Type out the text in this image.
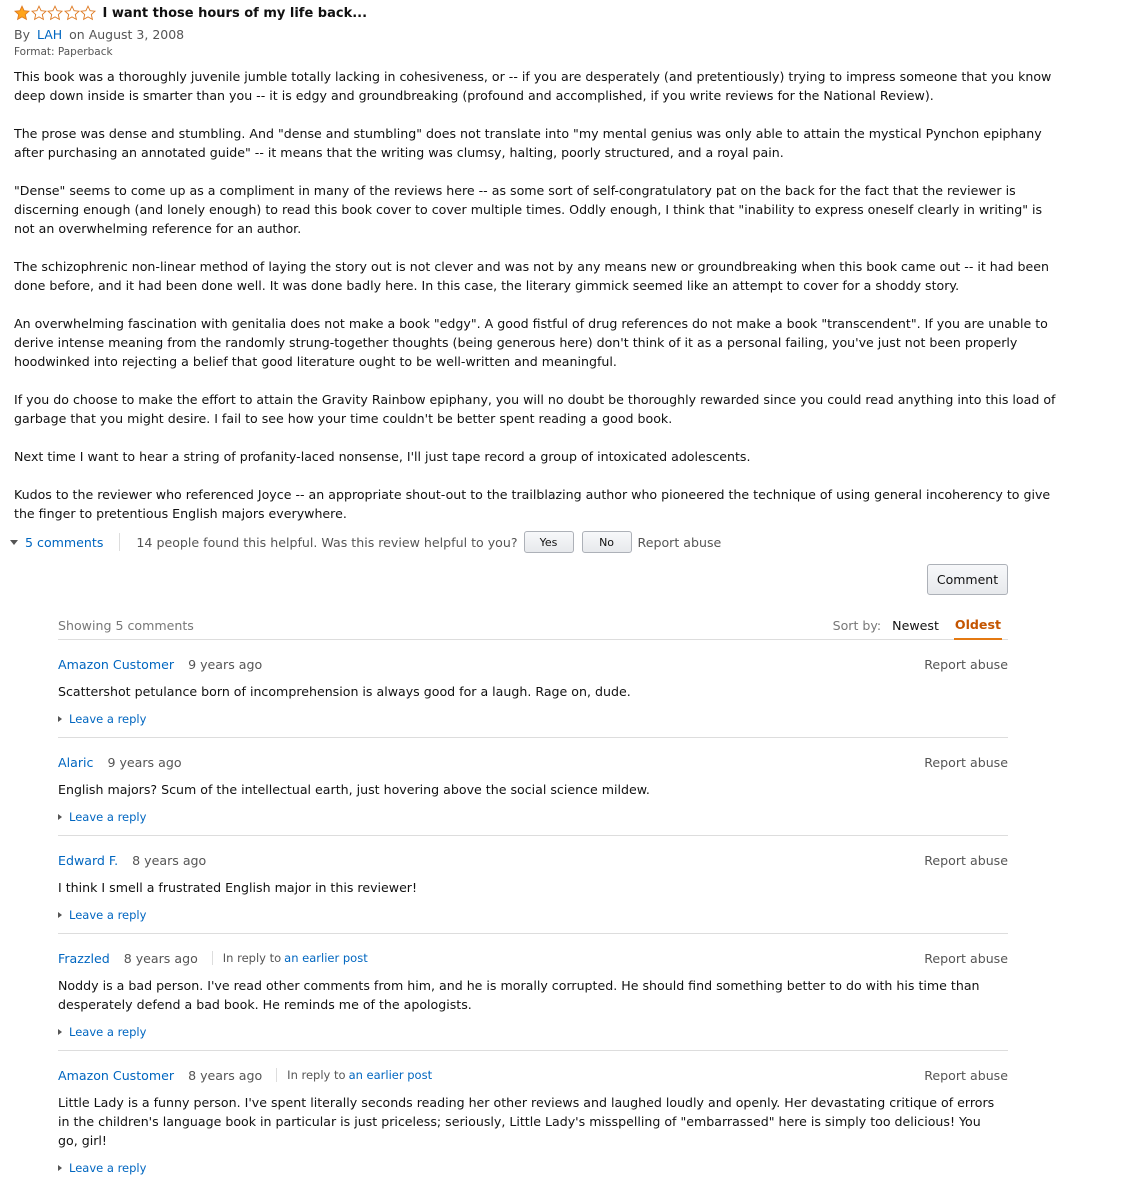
I want those hours of my life back...
By LAH on August 3, 2008
Format: Paperback

This book was a thoroughly juvenile jumble totally lacking in cohesiveness, or -- if you are desperately (and pretentiously) trying to impress someone that you know deep down inside is smarter than you -- it is edgy and groundbreaking (profound and accomplished, if you write reviews for the National Review).

The prose was dense and stumbling. And "dense and stumbling" does not translate into "my mental genius was only able to attain the mystical Pynchon epiphany after purchasing an annotated guide" -- it means that the writing was clumsy, halting, poorly structured, and a royal pain.

"Dense" seems to come up as a compliment in many of the reviews here -- as some sort of self-congratulatory pat on the back for the fact that the reviewer is discerning enough (and lonely enough) to read this book cover to cover multiple times. Oddly enough, I think that "inability to express oneself clearly in writing" is not an overwhelming reference for an author.

The schizophrenic non-linear method of laying the story out is not clever and was not by any means new or groundbreaking when this book came out -- it had been done before, and it had been done well. It was done badly here. In this case, the literary gimmick seemed like an attempt to cover for a shoddy story.

An overwhelming fascination with genitalia does not make a book "edgy". A good fistful of drug references do not make a book "transcendent". If you are unable to derive intense meaning from the randomly strung-together thoughts (being generous here) don't think of it as a personal failing, you've just not been properly hoodwinked into rejecting a belief that good literature ought to be well-written and meaningful.

If you do choose to make the effort to attain the Gravity Rainbow epiphany, you will no doubt be thoroughly rewarded since you could read anything into this load of garbage that you might desire. I fail to see how your time couldn't be better spent reading a good book.

Next time I want to hear a string of profanity-laced nonsense, I'll just tape record a group of intoxicated adolescents.

Kudos to the reviewer who referenced Joyce -- an appropriate shout-out to the trailblazing author who pioneered the technique of using general incoherency to give the finger to pretentious English majors everywhere.

5 comments	14 people found this helpful. Was this review helpful to you?	Yes	No	Report abuse
Comment
Showing 5 comments	Sort by: Newest Oldest
Amazon Customer 9 years ago	Report abuse
Scattershot petulance born of incomprehension is always good for a laugh. Rage on, dude.
Leave a reply
Alaric 9 years ago	Report abuse
English majors? Scum of the intellectual earth, just hovering above the social science mildew.
Leave a reply
Edward F. 8 years ago	Report abuse
I think I smell a frustrated English major in this reviewer!
Leave a reply
Frazzled 8 years ago	In reply to an earlier post	Report abuse
Noddy is a bad person. I've read other comments from him, and he is morally corrupted. He should find something better to do with his time than desperately defend a bad book. He reminds me of the apologists.
Leave a reply
Amazon Customer 8 years ago	In reply to an earlier post	Report abuse
Little Lady is a funny person. I've spent literally seconds reading her other reviews and laughed loudly and openly. Her devastating critique of errors in the children's language book in particular is just priceless; seriously, Little Lady's misspelling of "embarrassed" here is simply too delicious! You go, girl!
Leave a reply
